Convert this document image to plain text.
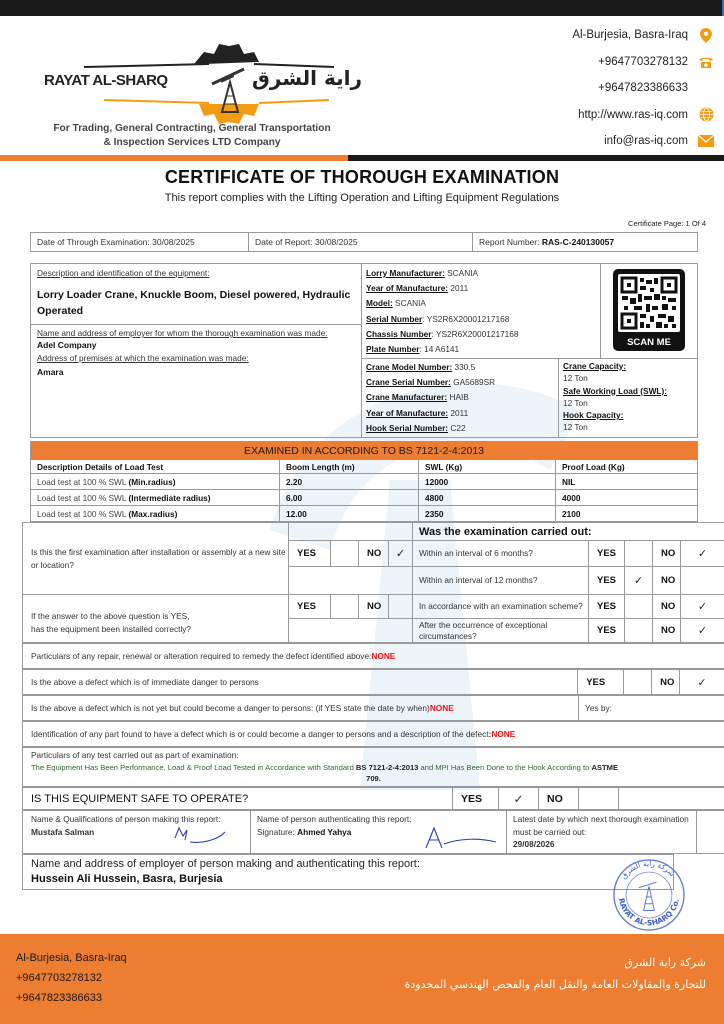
RAYAT AL-SHARQ	راية الشرق
For Trading, General Contracting, General Transportation
& Inspection Services LTD Company
Al-Burjesia, Basra-Iraq
+9647703278132
+9647823386633
http://www.ras-iq.com
info@ras-iq.com
CERTIFICATE OF THOROUGH EXAMINATION
This report complies with the Lifting Operation and Lifting Equipment Regulations
Certificate Page: 1 Of 4
Date of Through Examination: 30/08/2025	Date of Report: 30/08/2025	Report Number:
RAS-C-240130057
Description and identification of the equipment:
Lorry Loader Crane, Knuckle Boom, Diesel powered, Hydraulic Operated
Name and address of employer for whom the thorough examination was made:
Adel Company
Address of premises at which the examination was made:
Amara
Lorry Manufacturer: SCANIA
Year of Manufacture: 2011
Model: SCANIA
Serial Number: YS2R6X20001217168
Chassis Number: YS2R6X20001217168
Plate Number: 14 A6141
SCAN ME
Crane Model Number: 330.5
Crane Serial Number: GA5689SR
Crane Manufacturer: HAIB
Year of Manufacture: 2011
Hook Serial Number: C22
Crane Capacity:
12 Ton
Safe Working Load (SWL):
12 Ton
Hook Capacity:
12 Ton
EXAMINED IN ACCORDING TO BS 7121-2-4:2013			
Description Details of Load Test	Boom Length (m)	SWL (Kg)	Proof Load (Kg)
Load test at 100 % SWL (Min.radius)	2.20	12000	NIL
Load test at 100 % SWL (Intermediate radius)	6.00	4800	4000
Load test at 100 % SWL (Max.radius)	12.00	2350	2100
Is this the first examination after installation or assembly at a new site or location?
YES	NO	✓
If the answer to the above question is YES,
has the equipment been installed correctly?
YES	NO
Was the examination carried out:
Within an interval of 6 months?	YES	NO	✓
Within an interval of 12 months?	YES	✓	NO
In accordance with an examination scheme?	YES	NO	✓
After the occurrence of exceptional circumstances?	YES	NO	✓
Particulars of any repair, renewal or alteration required to remedy the defect identified above: NONE
Is the above a defect which is of immediate danger to persons	YES	NO	✓
Is the above a defect which is not yet but could become a danger to persons: (if YES state the date by when) NONE	Yes by:
Identification of any part found to have a defect which is or could become a danger to persons and a description of the defect : NONE
Particulars of any test carried out as part of examination:
The Equipment Has Been Performance, Load & Proof Load Tested in Accordance with Standard BS 7121-2-4:2013 and MPI Has Been Done to the Hook According to ASTME
709.
IS THIS EQUIPMENT SAFE TO OPERATE?	YES	✓	NO
Name & Qualifications of person making this report:
Mustafa Salman
Name of person authenticating this report:
Signature: Ahmed Yahya
Latest date by which next thorough examination must be carried out:
29/08/2026
Name and address of employer of person making and authenticating this report:
Hussein Ali Hussein, Basra, Burjesia
RAYAT AL-SHARQ Co.
شركة راية الشرق
Al-Burjesia, Basra-Iraq
+9647703278132
+9647823386633
شركة راية الشرق
للتجارة والمقاولات العامة والنقل العام والفحص الهندسي المحدودة
